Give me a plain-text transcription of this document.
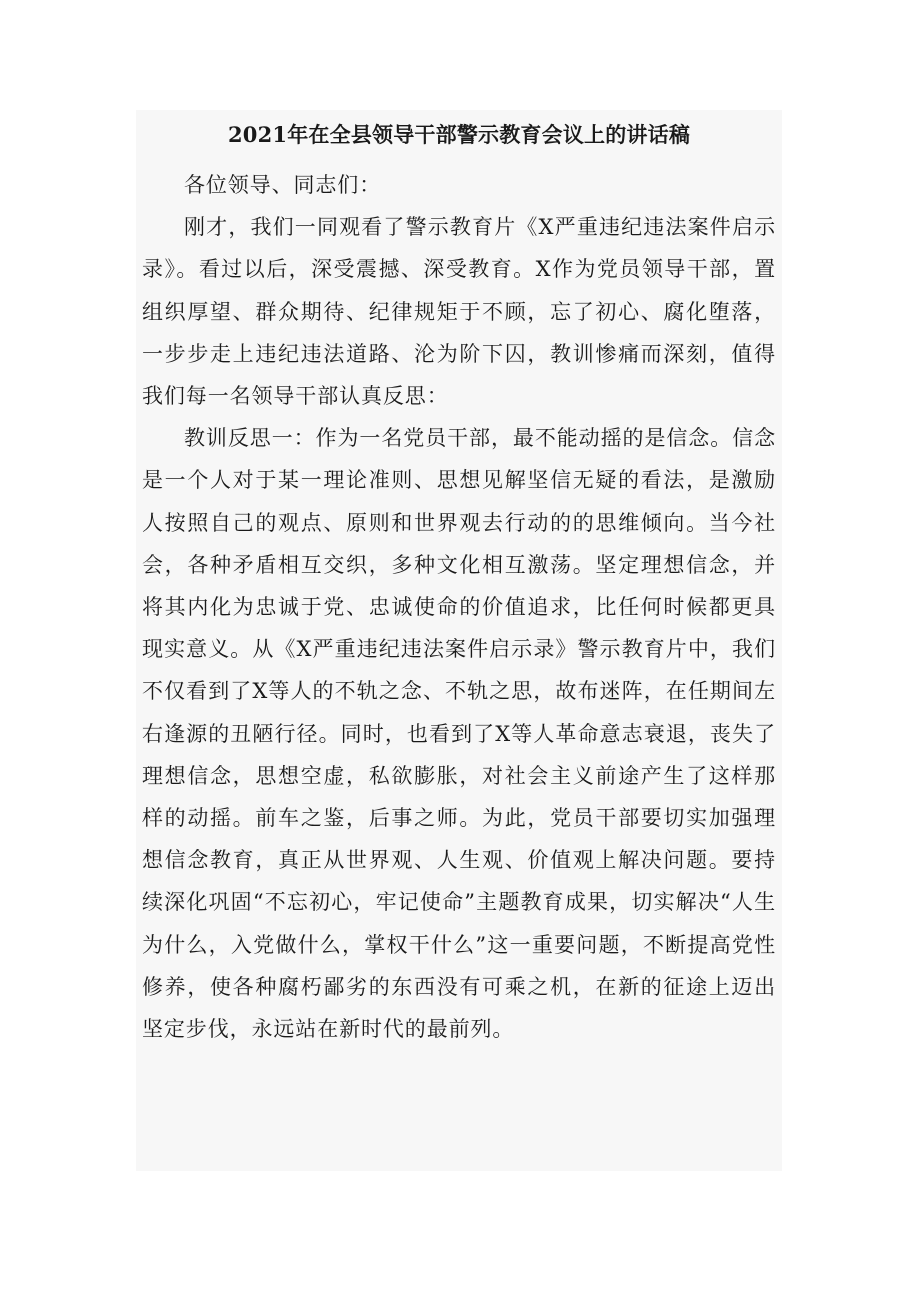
2021年在全县领导干部警示教育会议上的讲话稿

各位领导、同志们：

刚才，我们一同观看了警示教育片《X严重违纪违法案件启示录》。看过以后，深受震撼、深受教育。X作为党员领导干部，置组织厚望、群众期待、纪律规矩于不顾，忘了初心、腐化堕落，一步步走上违纪违法道路、沦为阶下囚，教训惨痛而深刻，值得我们每一名领导干部认真反思：

教训反思一：作为一名党员干部，最不能动摇的是信念。信念是一个人对于某一理论准则、思想见解坚信无疑的看法，是激励人按照自己的观点、原则和世界观去行动的的思维倾向。当今社会，各种矛盾相互交织，多种文化相互激荡。坚定理想信念，并将其内化为忠诚于党、忠诚使命的价值追求，比任何时候都更具现实意义。从《X严重违纪违法案件启示录》警示教育片中，我们不仅看到了X等人的不轨之念、不轨之思，故布迷阵，在任期间左右逢源的丑陋行径。同时，也看到了X等人革命意志衰退，丧失了理想信念，思想空虚，私欲膨胀，对社会主义前途产生了这样那样的动摇。前车之鉴，后事之师。为此，党员干部要切实加强理想信念教育，真正从世界观、人生观、价值观上解决问题。要持续深化巩固“不忘初心，牢记使命”主题教育成果，切实解决“人生为什么，入党做什么，掌权干什么”这一重要问题，不断提高党性修养，使各种腐朽鄙劣的东西没有可乘之机，在新的征途上迈出坚定步伐，永远站在新时代的最前列。
